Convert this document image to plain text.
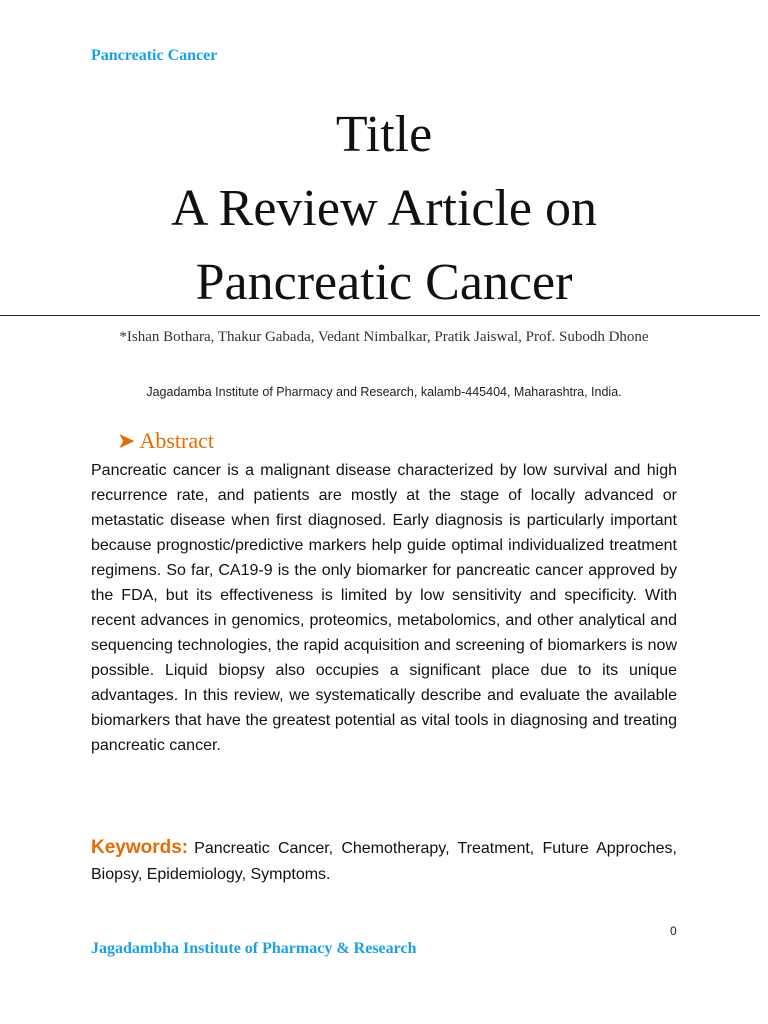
Pancreatic Cancer
Title
A Review Article on
Pancreatic Cancer
*Ishan Bothara, Thakur Gabada, Vedant Nimbalkar, Pratik Jaiswal, Prof. Subodh Dhone
Jagadamba Institute of Pharmacy and Research, kalamb-445404, Maharashtra, India.
➤ Abstract

Pancreatic cancer is a malignant disease characterized by low survival and high recurrence rate, and patients are mostly at the stage of locally advanced or metastatic disease when first diagnosed. Early diagnosis is particularly important because prognostic/predictive markers help guide optimal individualized treatment regimens. So far, CA19-9 is the only biomarker for pancreatic cancer approved by the FDA, but its effectiveness is limited by low sensitivity and specificity. With recent advances in genomics, proteomics, metabolomics, and other analytical and sequencing technologies, the rapid acquisition and screening of biomarkers is now possible. Liquid biopsy also occupies a significant place due to its unique advantages. In this review, we systematically describe and evaluate the available biomarkers that have the greatest potential as vital tools in diagnosing and treating pancreatic cancer.

Keywords: Pancreatic Cancer, Chemotherapy, Treatment, Future Approches, Biopsy, Epidemiology, Symptoms.

0
Jagadambha Institute of Pharmacy & Research
